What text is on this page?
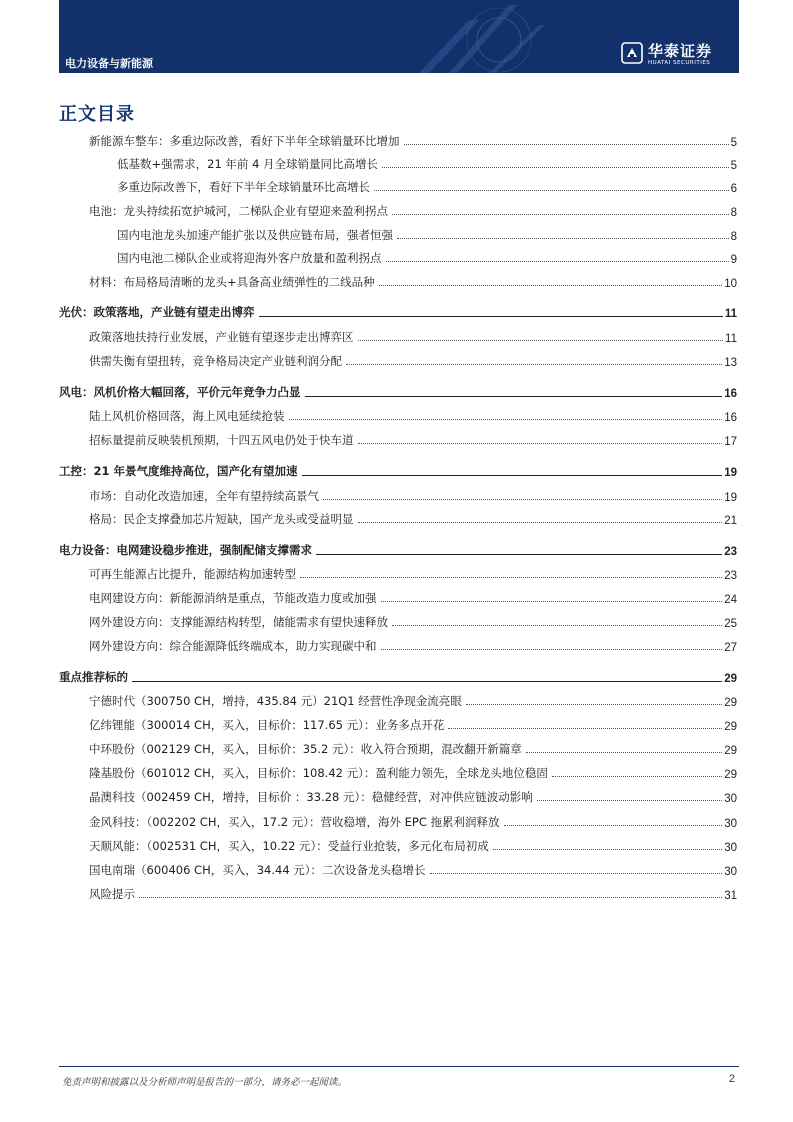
电力设备与新能源
华泰证券
HUATAI SECURITIES
正文目录
新能源车整车：多重边际改善，看好下半年全球销量环比增加	5
低基数+强需求，21 年前 4 月全球销量同比高增长	5
多重边际改善下，看好下半年全球销量环比高增长	6
电池：龙头持续拓宽护城河，二梯队企业有望迎来盈利拐点	8
国内电池龙头加速产能扩张以及供应链布局，强者恒强	8
国内电池二梯队企业或将迎海外客户放量和盈利拐点	9
材料：布局格局清晰的龙头+具备高业绩弹性的二线品种	10
光伏：政策落地，产业链有望走出博弈	11
政策落地扶持行业发展，产业链有望逐步走出博弈区	11
供需失衡有望扭转，竞争格局决定产业链利润分配	13
风电：风机价格大幅回落，平价元年竞争力凸显	16
陆上风机价格回落，海上风电延续抢装	16
招标量提前反映装机预期，十四五风电仍处于快车道	17
工控：21 年景气度维持高位，国产化有望加速	19
市场：自动化改造加速，全年有望持续高景气	19
格局：民企支撑叠加芯片短缺，国产龙头或受益明显	21
电力设备：电网建设稳步推进，强制配储支撑需求	23
可再生能源占比提升，能源结构加速转型	23
电网建设方向：新能源消纳是重点，节能改造力度或加强	24
网外建设方向：支撑能源结构转型，储能需求有望快速释放	25
网外建设方向：综合能源降低终端成本，助力实现碳中和	27
重点推荐标的	29
宁德时代（300750 CH，增持，435.84 元）21Q1 经营性净现金流亮眼	29
亿纬锂能（300014 CH，买入，目标价：117.65 元）：业务多点开花	29
中环股份（002129 CH，买入，目标价：35.2 元）：收入符合预期，混改翻开新篇章	29
隆基股份（601012 CH，买入，目标价：108.42 元）：盈利能力领先，全球龙头地位稳固	29
晶澳科技（002459 CH，增持，目标价 ：33.28 元）：稳健经营，对冲供应链波动影响	30
金风科技：（002202 CH，买入，17.2 元）：营收稳增，海外 EPC 拖累利润释放	30
天顺风能：（002531 CH，买入，10.22 元）：受益行业抢装，多元化布局初成	30
国电南瑞（600406 CH，买入，34.44 元）：二次设备龙头稳增长	30
风险提示	31
免责声明和披露以及分析师声明是报告的一部分，请务必一起阅读。	2
